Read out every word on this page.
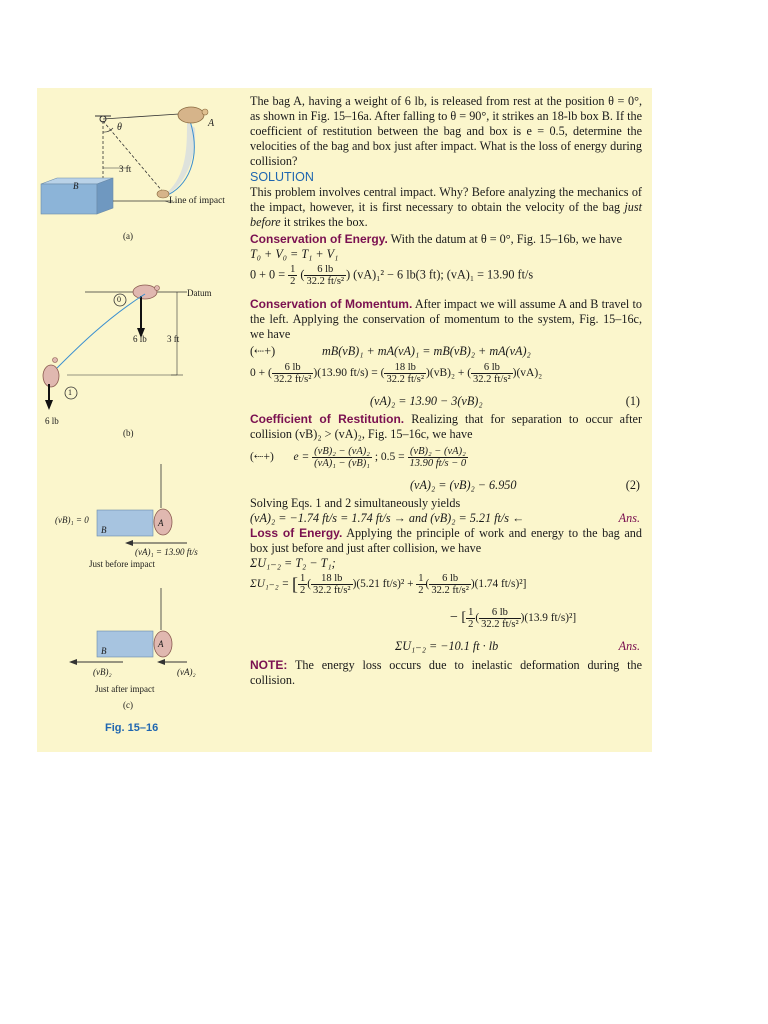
A
B
θ
3 ft
Line of impact
(a)
Datum
0
1
6 lb 3 ft
6 lb
(b)
(vB)₁ = 0
B
A
(vA)₁ = 13.90 ft/s
Just before impact
B
A
(vB)₂	(vA)₂
Just after impact
(c)
Fig. 15–16

The bag A, having a weight of 6 lb, is released from rest at the position θ = 0°, as shown in Fig. 15–16a. After falling to θ = 90°, it strikes an 18-lb box B. If the coefficient of restitution between the bag and box is e = 0.5, determine the velocities of the bag and box just after impact. What is the loss of energy during collision?

SOLUTION

This problem involves central impact. Why? Before analyzing the mechanics of the impact, however, it is first necessary to obtain the velocity of the bag just before it strikes the box.

Conservation of Energy. With the datum at θ = 0°, Fig. 15–16b, we have

T₀ + V₀ = T₁ + V₁
$0 + 0 = \frac{1}{2}$ ( $\frac{6 lb}{\text{32.2 ft/s²}}$ ) (vA)₁² − 6 lb(3 ft); (vA)₁ = 13.90 ft/s

Conservation of Momentum. After impact we will assume A and B travel to the left. Applying the conservation of momentum to the system, Fig. 15–16c, we have

(⇠+)	mB(vB)₁ + mA(vA)₁ = mB(vB)₂ + mA(vA)₂
0 + ( $\frac{6 lb}{\text{32.2 ft/s²}} )(13.90$ ft/s) = ( $\frac{18 lb}{\text{32.2 ft/s²}} )(vB)_2$ + ( $\frac{6 lb}{\text{32.2 ft/s²}} )(vA)_2$
(vA)₂ = 13.90 − 3(vB)₂	(1)

Coefficient of Restitution. Realizing that for separation to occur after collision (vB)₂ > (vA)₂, Fig. 15–16c, we have

(⇠+) $e = \frac{\text{(vB)₂ − (vA)₂}}{\text{(vA)₁ − (vB)₁}}$ ; $0.5 = \frac{\text{(vB)₂ − (vA)₂}}{13.90 ft/s - 0}$
(vA)₂ = (vB)₂ − 6.950	(2)

Solving Eqs. 1 and 2 simultaneously yields

(vA)₂ = −1.74 ft/s = 1.74 ft/s → and (vB)₂ = 5.21 ft/s ←	Ans.

Loss of Energy. Applying the principle of work and energy to the bag and box just before and just after collision, we have

ΣU₁₋₂ = T₂ − T₁;
ΣU₁₋₂ = [ $\frac{1}{2}$ ( $\frac{18 lb}{\text{32.2 ft/s²}} )(5.21$ $ft/s)^2 + \frac{1}{2}$ ( $\frac{6 lb}{\text{32.2 ft/s²}} )(1.74$ ft/s)²]
− [ $\frac{1}{2}$ ( $\frac{6 lb}{\text{32.2 ft/s²}} )(13.9$ ft/s)²]
ΣU₁₋₂ = −10.1 ft · lb	Ans.

NOTE: The energy loss occurs due to inelastic deformation during the collision.
